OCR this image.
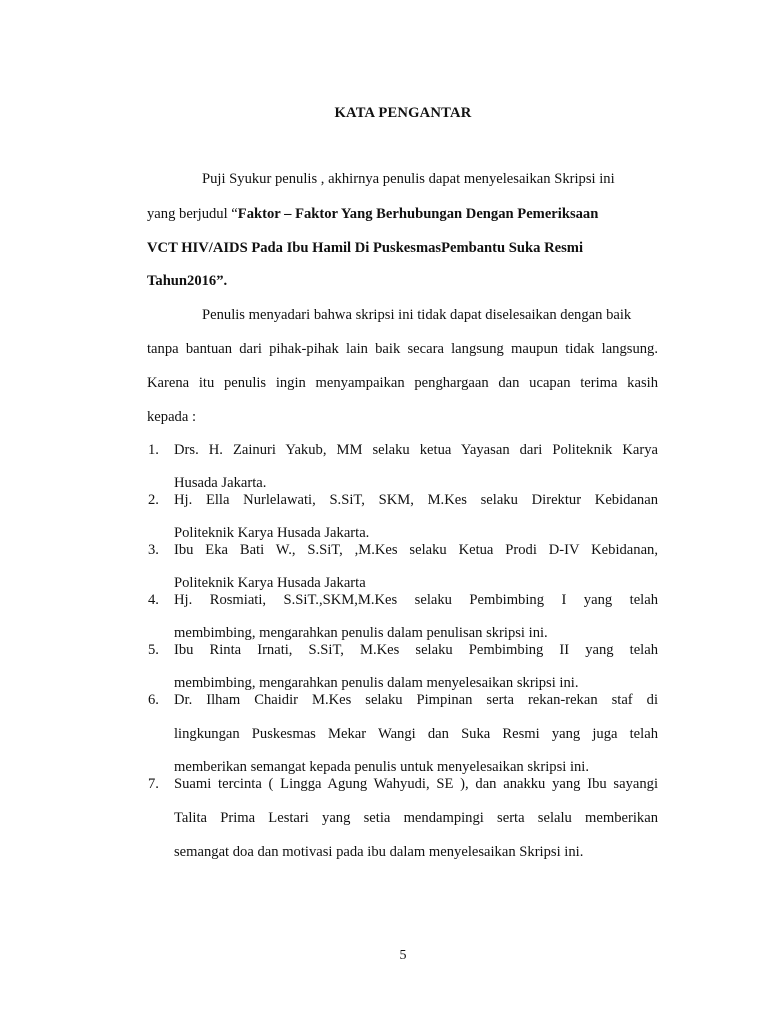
KATA PENGANTAR
Puji Syukur penulis , akhirnya penulis dapat menyelesaikan Skripsi ini
yang berjudul “Faktor – Faktor Yang Berhubungan Dengan Pemeriksaan
VCT HIV/AIDS Pada Ibu Hamil Di PuskesmasPembantu Suka Resmi
Tahun2016”.
Penulis menyadari bahwa skripsi ini tidak dapat diselesaikan dengan baik
tanpa bantuan dari pihak-pihak lain baik secara langsung maupun tidak langsung.
Karena itu penulis ingin menyampaikan penghargaan dan ucapan terima kasih
kepada :
1. Drs. H. Zainuri Yakub, MM selaku ketua Yayasan dari Politeknik Karya
Husada Jakarta.
2. Hj. Ella Nurlelawati, S.SiT, SKM, M.Kes selaku Direktur Kebidanan
Politeknik Karya Husada Jakarta.
3. Ibu Eka Bati W., S.SiT, ,M.Kes selaku Ketua Prodi D-IV Kebidanan,
Politeknik Karya Husada Jakarta
4. Hj. Rosmiati, S.SiT.,SKM,M.Kes selaku Pembimbing I yang telah
membimbing, mengarahkan penulis dalam penulisan skripsi ini.
5. Ibu Rinta Irnati, S.SiT, M.Kes selaku Pembimbing II yang telah
membimbing, mengarahkan penulis dalam menyelesaikan skripsi ini.
6. Dr. Ilham Chaidir M.Kes selaku Pimpinan serta rekan-rekan staf di
lingkungan Puskesmas Mekar Wangi dan Suka Resmi yang juga telah
memberikan semangat kepada penulis untuk menyelesaikan skripsi ini.
7. Suami tercinta ( Lingga Agung Wahyudi, SE ), dan anakku yang Ibu sayangi
Talita Prima Lestari yang setia mendampingi serta selalu memberikan
semangat doa dan motivasi pada ibu dalam menyelesaikan Skripsi ini.
5
